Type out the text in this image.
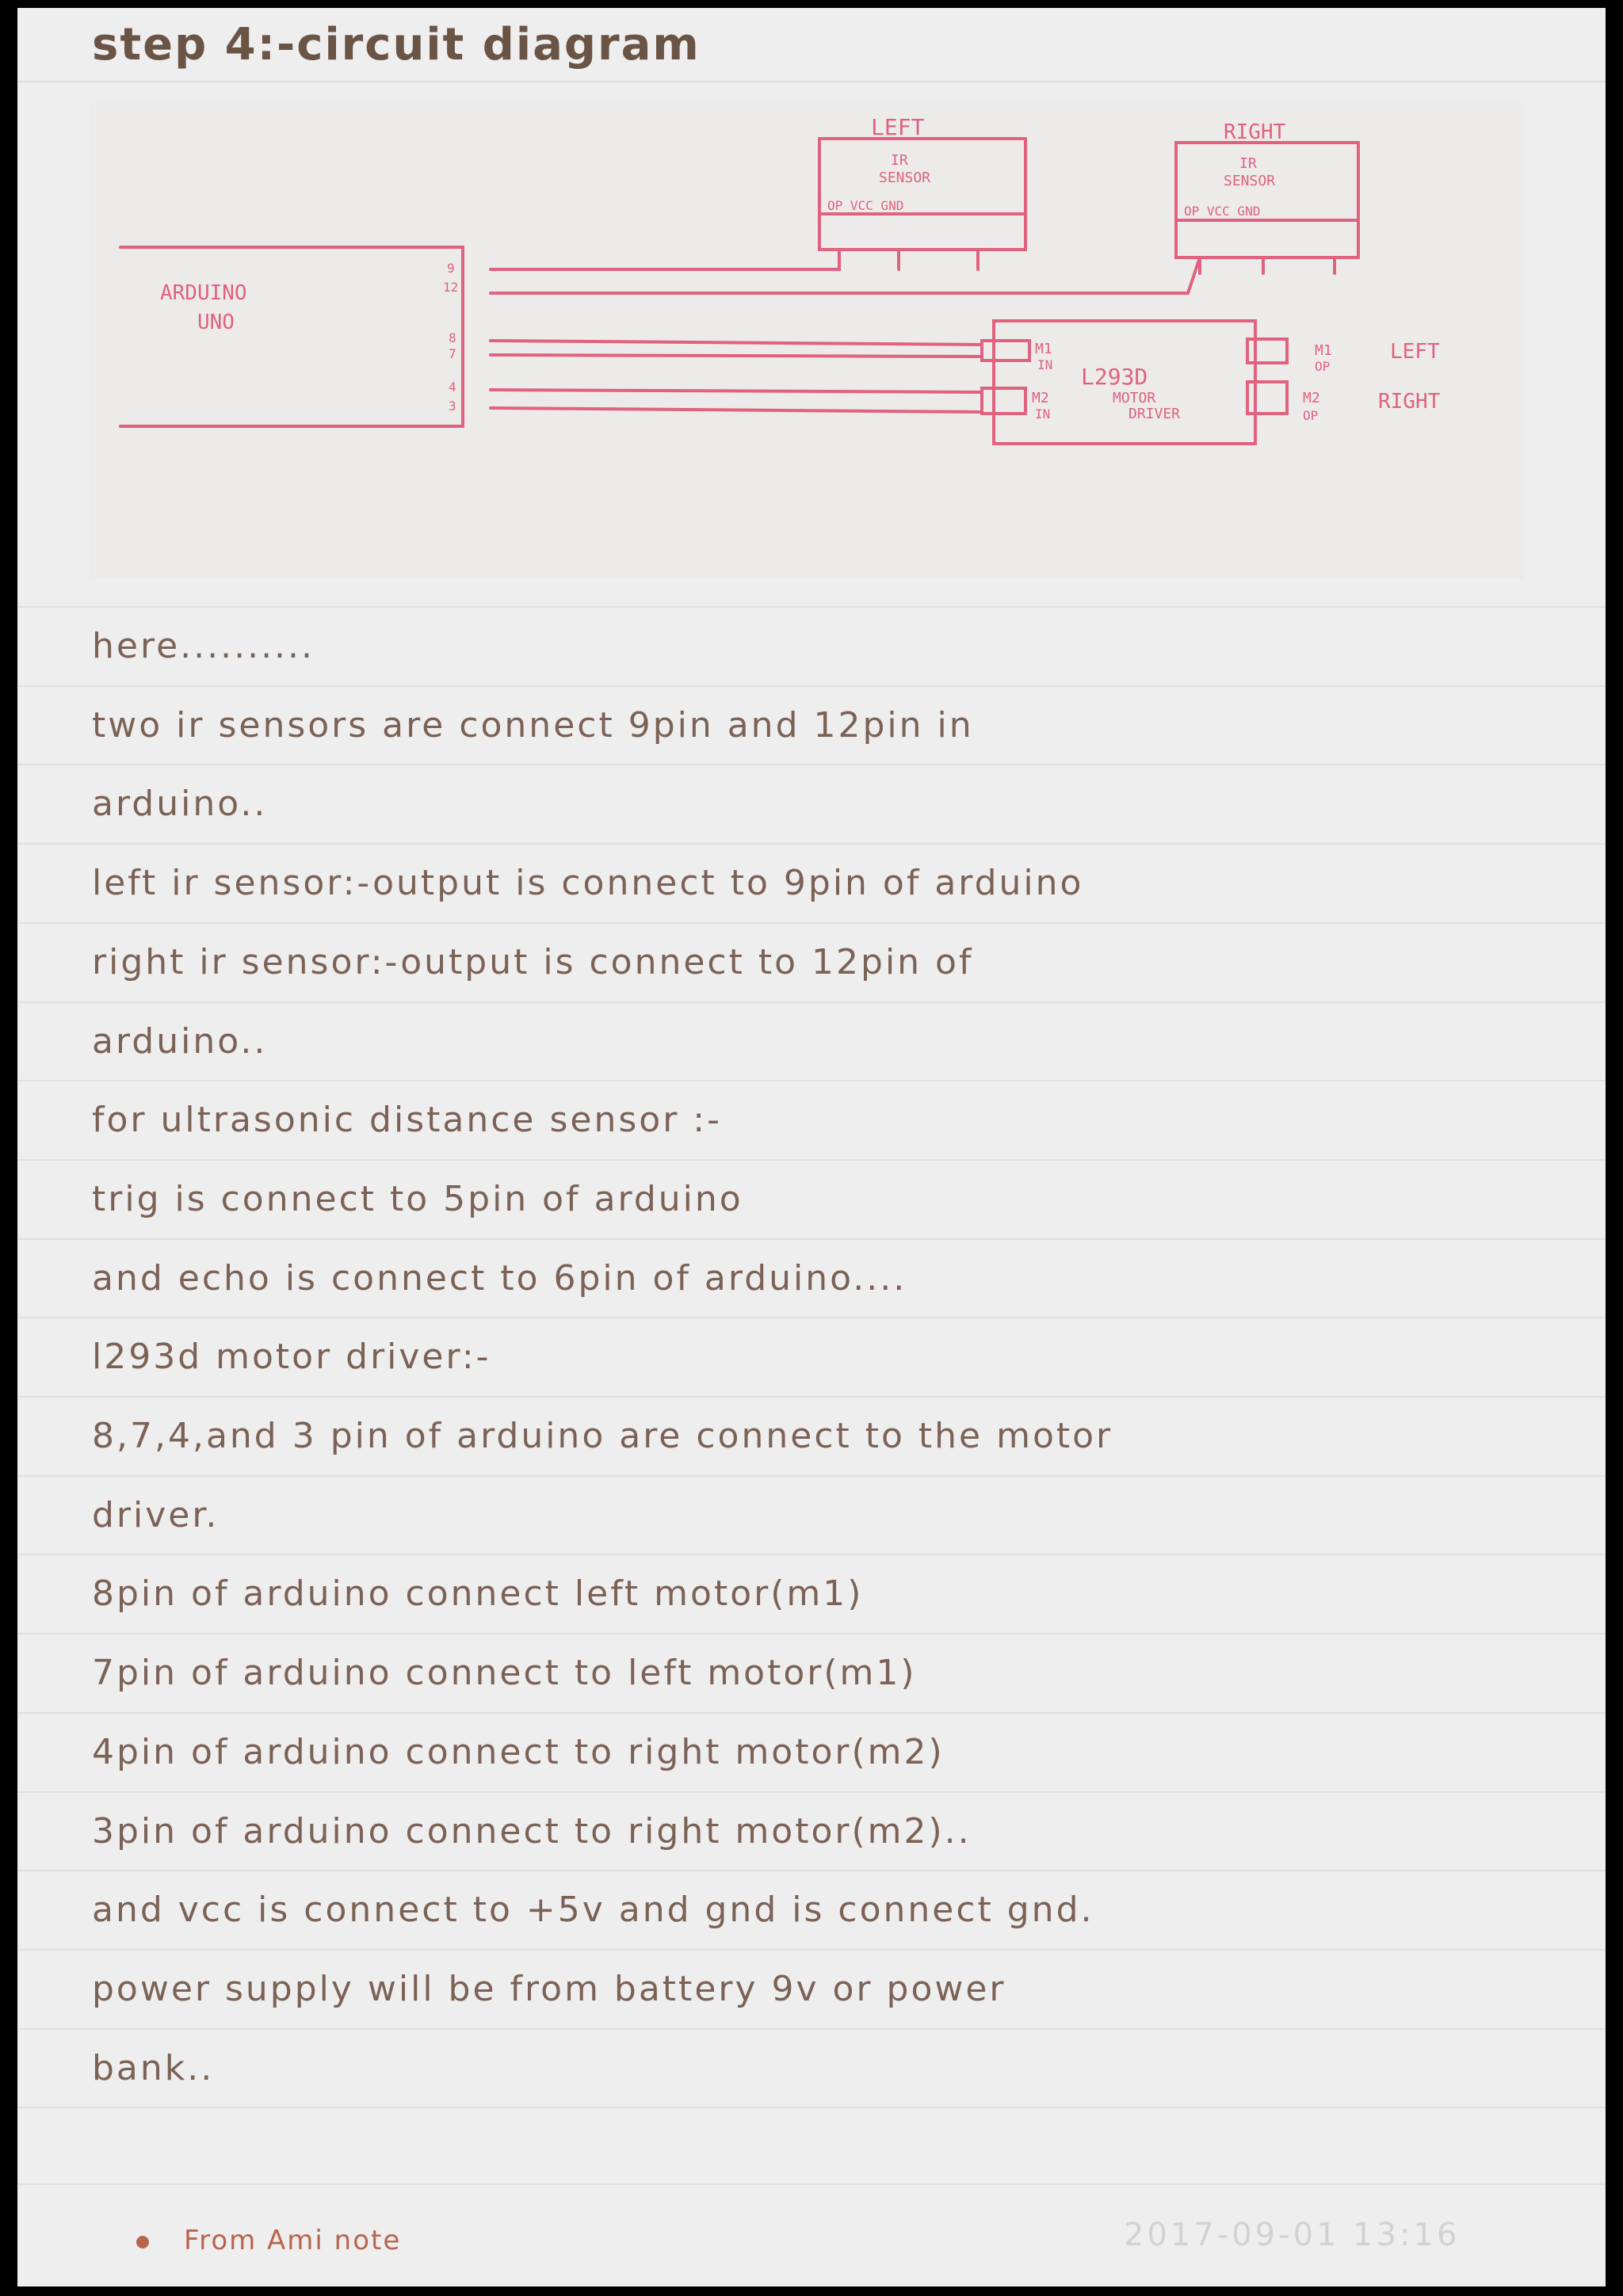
step 4:-circuit diagram
LEFT	RIGHT
IR
SENSOR
OP VCC GND
IR
SENSOR
OP VCC GND
ARDUINO
UNO
9
12
8
7
4
3
L293D
MOTOR
DRIVER
M1
IN
M2
IN
M1
OP
M2
OP
LEFT
RIGHT
here..........
two ir sensors are connect 9pin and 12pin in
arduino..
left ir sensor:-output is connect to 9pin of arduino
right ir sensor:-output is connect to 12pin of
arduino..
for ultrasonic distance sensor :-
trig is connect to 5pin of arduino
and echo is connect to 6pin of arduino....
l293d motor driver:-
8,7,4,and 3 pin of arduino are connect to the motor
driver.
8pin of arduino connect left motor(m1)
7pin of arduino connect to left motor(m1)
4pin of arduino connect to right motor(m2)
3pin of arduino connect to right motor(m2)..
and vcc is connect to +5v and gnd is connect gnd.
power supply will be from battery 9v or power
bank..
From Ami note	2017-09-01 13:16
